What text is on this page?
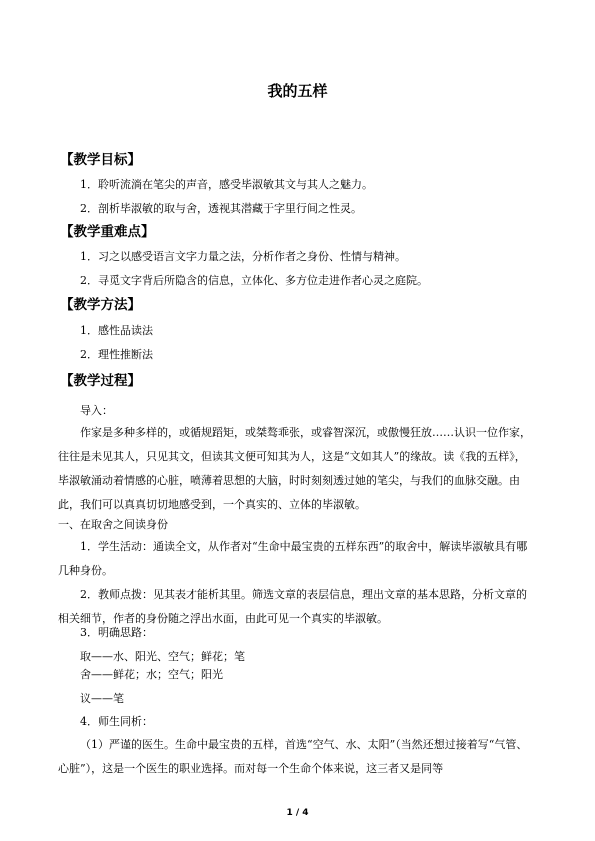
我的五样
【教学目标】
1．聆听流淌在笔尖的声音，感受毕淑敏其文与其人之魅力。
2．剖析毕淑敏的取与舍，透视其潜藏于字里行间之性灵。
【教学重难点】
1．习之以感受语言文字力量之法，分析作者之身份、性情与精神。
2．寻觅文字背后所隐含的信息，立体化、多方位走进作者心灵之庭院。
【教学方法】
1．感性品读法
2．理性推断法
【教学过程】
导入：
作家是多种多样的，或循规蹈矩，或桀骜乖张，或睿智深沉，或傲慢狂放……认识一位作家，往往是未见其人，只见其文，但读其文便可知其为人，这是“文如其人”的缘故。读《我的五样》，毕淑敏涌动着情感的心脏，喷薄着思想的大脑，时时刻刻透过她的笔尖，与我们的血脉交融。由此，我们可以真真切切地感受到，一个真实的、立体的毕淑敏。
一、在取舍之间读身份
1．学生活动：通读全文，从作者对“生命中最宝贵的五样东西”的取舍中，解读毕淑敏具有哪几种身份。
2．教师点拨：见其表才能析其里。筛选文章的表层信息，理出文章的基本思路，分析文章的相关细节，作者的身份随之浮出水面，由此可见一个真实的毕淑敏。
3．明确思路：
取——水、阳光、空气；鲜花；笔
舍——鲜花；水；空气；阳光
议——笔
4．师生同析：
（1）严谨的医生。生命中最宝贵的五样，首选“空气、水、太阳”（当然还想过接着写“气管、心脏”），这是一个医生的职业选择。而对每一个生命个体来说，这三者又是同等
1 / 4
